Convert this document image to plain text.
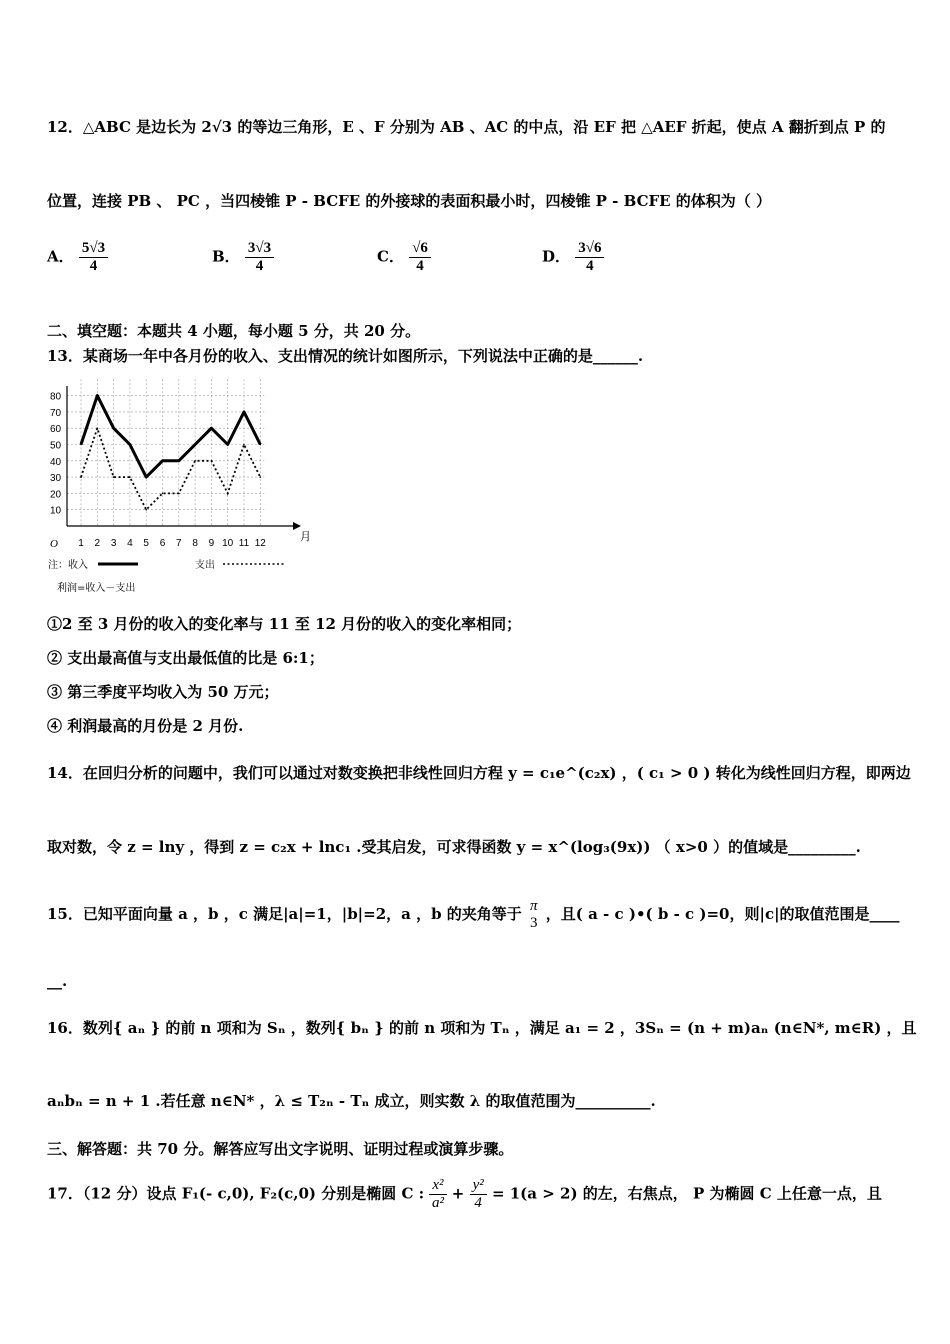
12．△ABC 是边长为 2√3 的等边三角形，E 、F 分别为 AB 、AC 的中点，沿 EF 把 △AEF 折起，使点 A 翻折到点 P 的
位置，连接 PB 、 PC ，当四棱锥 P - BCFE 的外接球的表面积最小时，四棱锥 P - BCFE 的体积为（ ）
A． $\frac{5√3}{4}$	B． $\frac{3√3}{4}$	C． $\frac{√6}{4}$	D． $\frac{3√6}{4}$
二、填空题：本题共 4 小题，每小题 5 分，共 20 分。
13．某商场一年中各月份的收入、支出情况的统计如图所示，下列说法中正确的是______.
O
月
注：收入	支出
利润=收入－支出
10
20
30
40
50
60
70
80
1 2 3 4 5 6 7 8 9 10 11 12
①2 至 3 月份的收入的变化率与 11 至 12 月份的收入的变化率相同；
② 支出最高值与支出最低值的比是 6:1；
③ 第三季度平均收入为 50 万元；
④ 利润最高的月份是 2 月份.
14．在回归分析的问题中，我们可以通过对数变换把非线性回归方程 y = c₁e^(c₂x) ，( c₁ > 0 ) 转化为线性回归方程，即两边
取对数，令 z = lny ，得到 z = c₂x + lnc₁ .受其启发，可求得函数 y = x^(log₃(9x)) （ x>0 ）的值域是_________.
15．已知平面向量 a ，b ，c 满足|a|=1，|b|=2，a ，b 的夹角等于 π
3 ，且( a - c )•( b - c )=0，则|c|的取值范围是____
__.
16．数列{ aₙ } 的前 n 项和为 Sₙ ，数列{ bₙ } 的前 n 项和为 Tₙ ，满足 a₁ = 2 ，3Sₙ = (n + m)aₙ (n∈N*, m∈R) ，且
aₙbₙ = n + 1 .若任意 n∈N* ，λ ≤ T₂ₙ - Tₙ 成立，则实数 λ 的取值范围为__________.
三、解答题：共 70 分。解答应写出文字说明、证明过程或演算步骤。
17．（12 分）设点 F₁(- c,0), F₂(c,0) 分别是椭圆 C : $\frac{\text{x²}}{\text{a²}} + \frac{\text{y²}}{4} = 1(a > 2)$ 的左，右焦点， P 为椭圆 C 上任意一点，且
